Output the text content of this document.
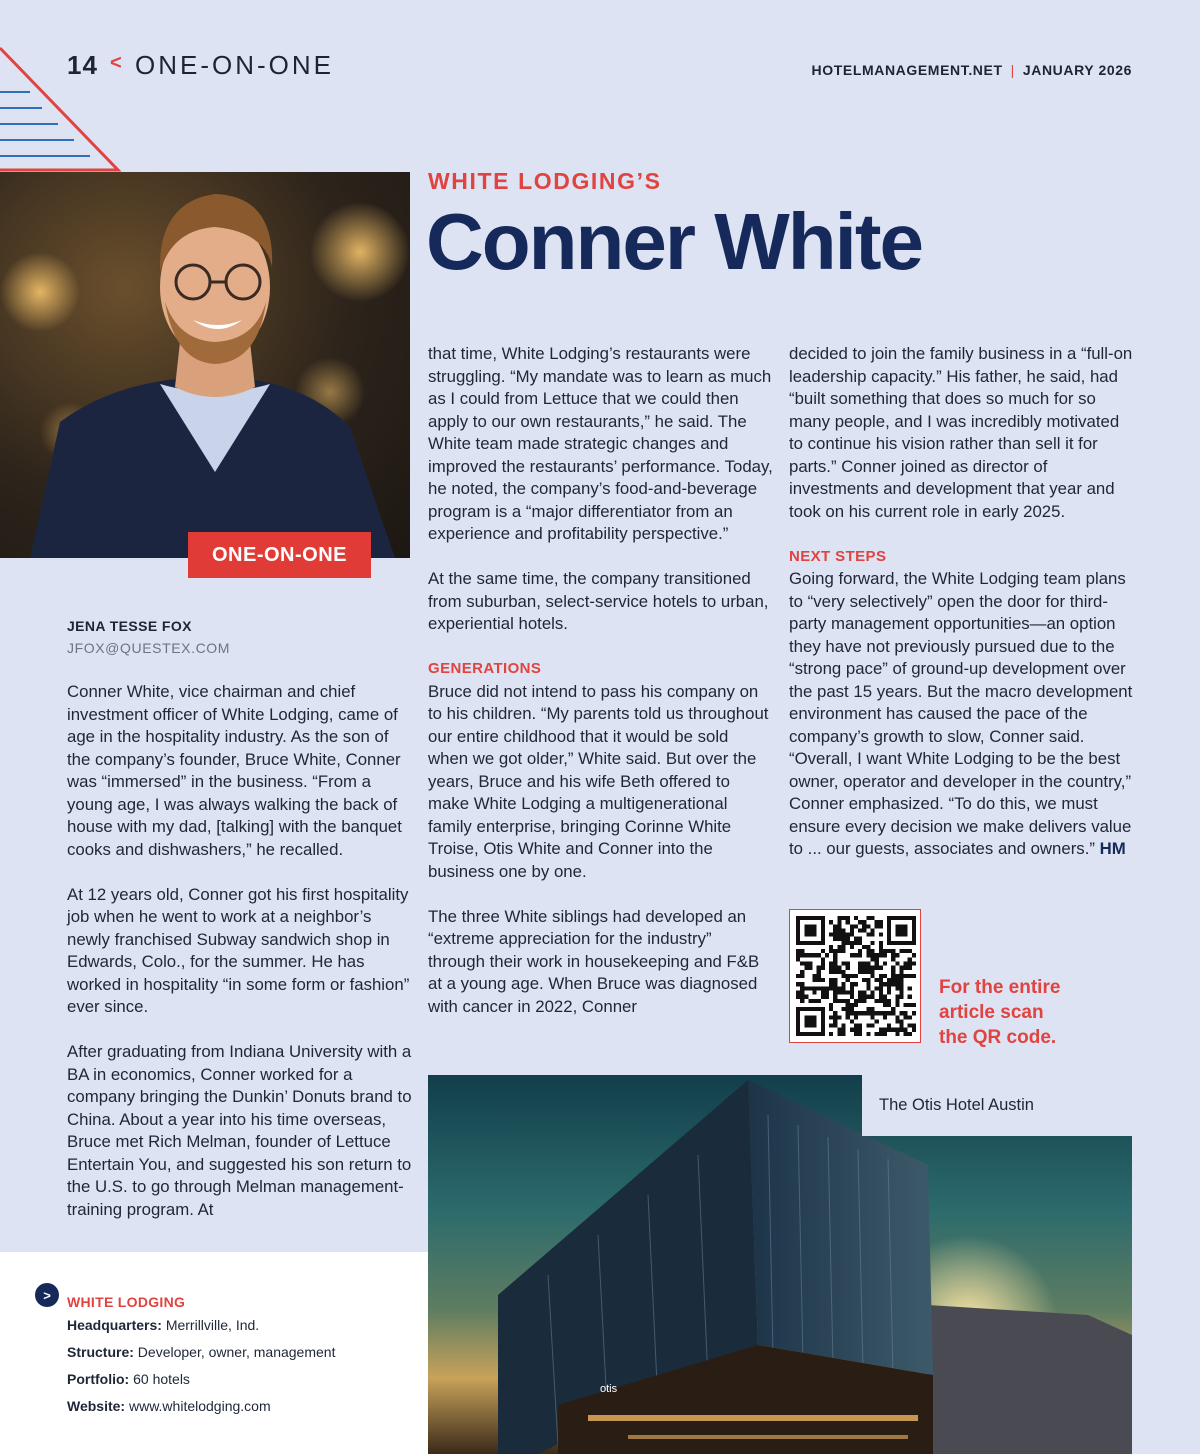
14 < ONE-ON-ONE	HOTELMANAGEMENT.NET | JANUARY 2026
ONE-ON-ONE
WHITE LODGING’S
Conner White
JENA TESSE FOX
JFOX@QUESTEX.COM

Conner White, vice chairman and chief investment officer of White Lodging, came of age in the hospitality industry. As the son of the company’s founder, Bruce White, Conner was “immersed” in the business. “From a young age, I was always walking the back of house with my dad, [talking] with the banquet cooks and dishwashers,” he recalled.

At 12 years old, Conner got his first hospitality job when he went to work at a neighbor’s newly franchised Subway sandwich shop in Edwards, Colo., for the summer. He has worked in hospitality “in some form or fashion” ever since.

After graduating from Indiana University with a BA in economics, Conner worked for a company bringing the Dunkin’ Donuts brand to China. About a year into his time overseas, Bruce met Rich Melman, founder of Lettuce Entertain You, and suggested his son return to the U.S. to go through Melman management-training program. At

that time, White Lodging’s restaurants were struggling. “My mandate was to learn as much as I could from Lettuce that we could then apply to our own restaurants,” he said. The White team made strategic changes and improved the restaurants’ performance. Today, he noted, the company’s food-and-beverage program is a “major differentiator from an experience and profitability perspective.”

At the same time, the company transitioned from suburban, select-service hotels to urban, experiential hotels.

GENERATIONS

Bruce did not intend to pass his company on to his children. “My parents told us throughout our entire childhood that it would be sold when we got older,” White said. But over the years, Bruce and his wife Beth offered to make White Lodging a multigenerational family enterprise, bringing Corinne White Troise, Otis White and Conner into the business one by one.

The three White siblings had developed an “extreme appreciation for the industry” through their work in housekeeping and F&B at a young age. When Bruce was diagnosed with cancer in 2022, Conner

decided to join the family business in a “full-on leadership capacity.” His father, he said, had “built something that does so much for so many people, and I was incredibly motivated to continue his vision rather than sell it for parts.” Conner joined as director of investments and development that year and took on his current role in early 2025.

NEXT STEPS

Going forward, the White Lodging team plans to “very selectively” open the door for third-party management opportunities—an option they have not previously pursued due to the “strong pace” of ground-up development over the past 15 years. But the macro development environment has caused the pace of the company’s growth to slow, Conner said. “Overall, I want White Lodging to be the best owner, operator and developer in the country,” Conner emphasized. “To do this, we must ensure every decision we make delivers value to ... our guests, associates and owners.” HM

For the entire
article scan
the QR code.
>	WHITE LODGING
Headquarters: Merrillville, Ind.
Structure: Developer, owner, management
Portfolio: 60 hotels
Website: www.whitelodging.com
otis
The Otis Hotel Austin
